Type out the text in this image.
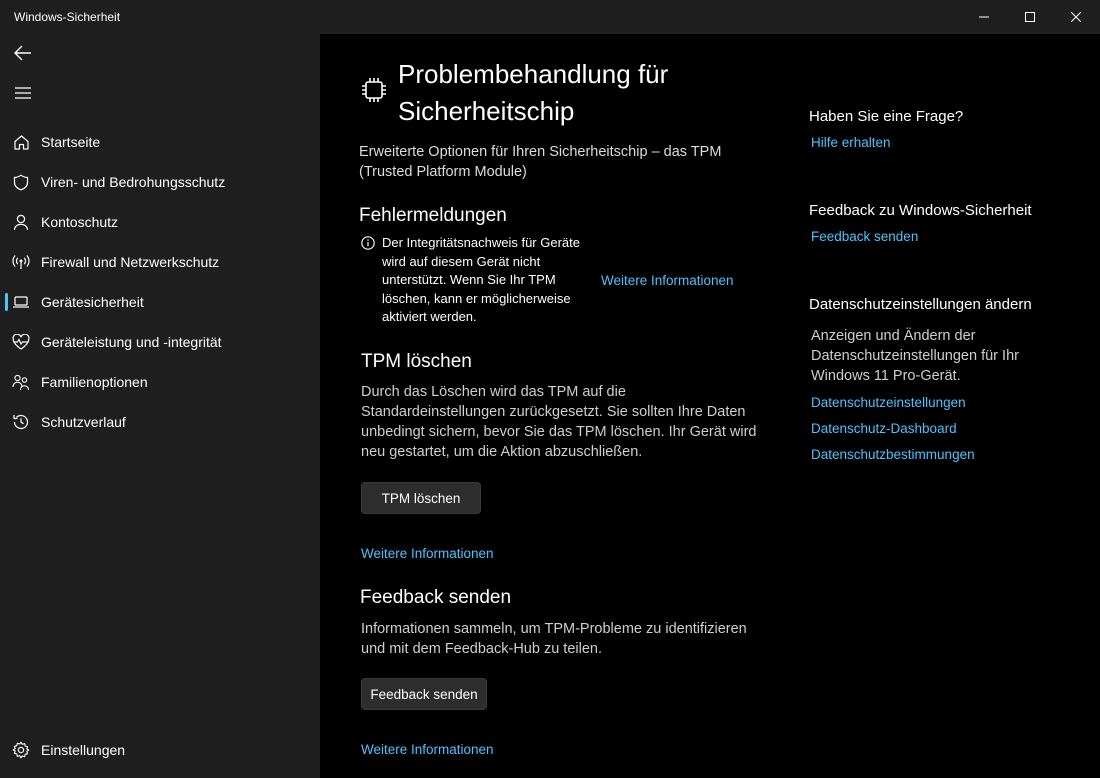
Windows-Sicherheit
Startseite
Viren- und Bedrohungsschutz
Kontoschutz
Firewall und Netzwerkschutz
Gerätesicherheit
Geräteleistung und -integrität
Familienoptionen
Schutzverlauf
Einstellungen
Problembehandlung für
Sicherheitschip
Erweiterte Optionen für Ihren Sicherheitschip – das TPM
(Trusted Platform Module)
Fehlermeldungen
Der Integritätsnachweis für Geräte
wird auf diesem Gerät nicht
unterstützt. Wenn Sie Ihr TPM
löschen, kann er möglicherweise
aktiviert werden.
Weitere Informationen
TPM löschen
Durch das Löschen wird das TPM auf die
Standardeinstellungen zurückgesetzt. Sie sollten Ihre Daten
unbedingt sichern, bevor Sie das TPM löschen. Ihr Gerät wird
neu gestartet, um die Aktion abzuschließen.
TPM löschen
Weitere Informationen
Feedback senden
Informationen sammeln, um TPM-Probleme zu identifizieren
und mit dem Feedback-Hub zu teilen.
Feedback senden
Weitere Informationen
Haben Sie eine Frage?
Hilfe erhalten
Feedback zu Windows-Sicherheit
Feedback senden
Datenschutzeinstellungen ändern
Anzeigen und Ändern der
Datenschutzeinstellungen für Ihr
Windows 11 Pro-Gerät.
Datenschutzeinstellungen
Datenschutz-Dashboard
Datenschutzbestimmungen
